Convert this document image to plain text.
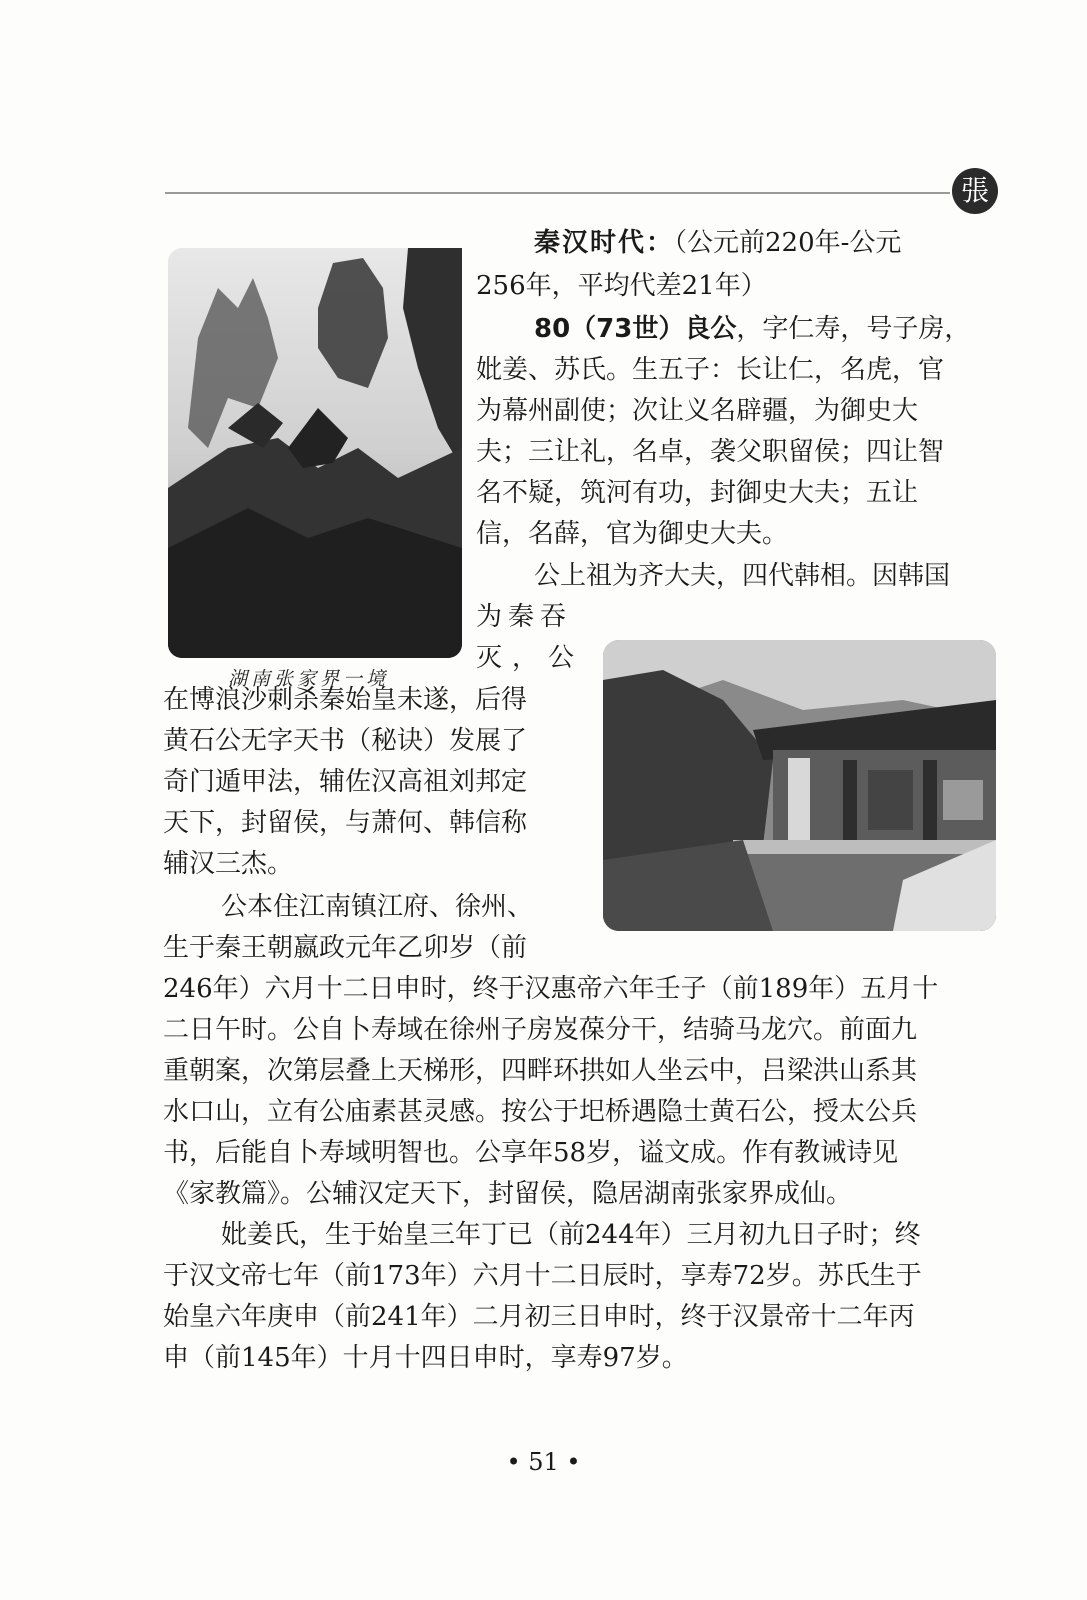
張
湖南张家界一境
秦汉时代：（公元前220年-公元
256年，平均代差21年）
80（73世）良公，字仁寿，号子房，
妣姜、苏氏。生五子：长让仁，名虎，官
为幕州副使；次让义名辟疆，为御史大
夫；三让礼，名卓，袭父职留侯；四让智
名不疑，筑河有功，封御史大夫；五让
信，名薛，官为御史大夫。
公上祖为齐大夫，四代韩相。因韩国
为秦吞
灭，公
在博浪沙刺杀秦始皇未遂，后得
黄石公无字天书（秘诀）发展了
奇门遁甲法，辅佐汉高祖刘邦定
天下，封留侯，与萧何、韩信称
辅汉三杰。
公本住江南镇江府、徐州、
生于秦王朝嬴政元年乙卯岁（前
246年）六月十二日申时，终于汉惠帝六年壬子（前189年）五月十
二日午时。公自卜寿域在徐州子房岌葆分干，结骑马龙穴。前面九
重朝案，次第层叠上天梯形，四畔环拱如人坐云中，吕梁洪山系其
水口山，立有公庙素甚灵感。按公于圯桥遇隐士黄石公，授太公兵
书，后能自卜寿域明智也。公享年58岁，谥文成。作有教诫诗见
《家教篇》。公辅汉定天下，封留侯，隐居湖南张家界成仙。
妣姜氏，生于始皇三年丁已（前244年）三月初九日子时；终
于汉文帝七年（前173年）六月十二日辰时，享寿72岁。苏氏生于
始皇六年庚申（前241年）二月初三日申时，终于汉景帝十二年丙
申（前145年）十月十四日申时，享寿97岁。
• 51 •
